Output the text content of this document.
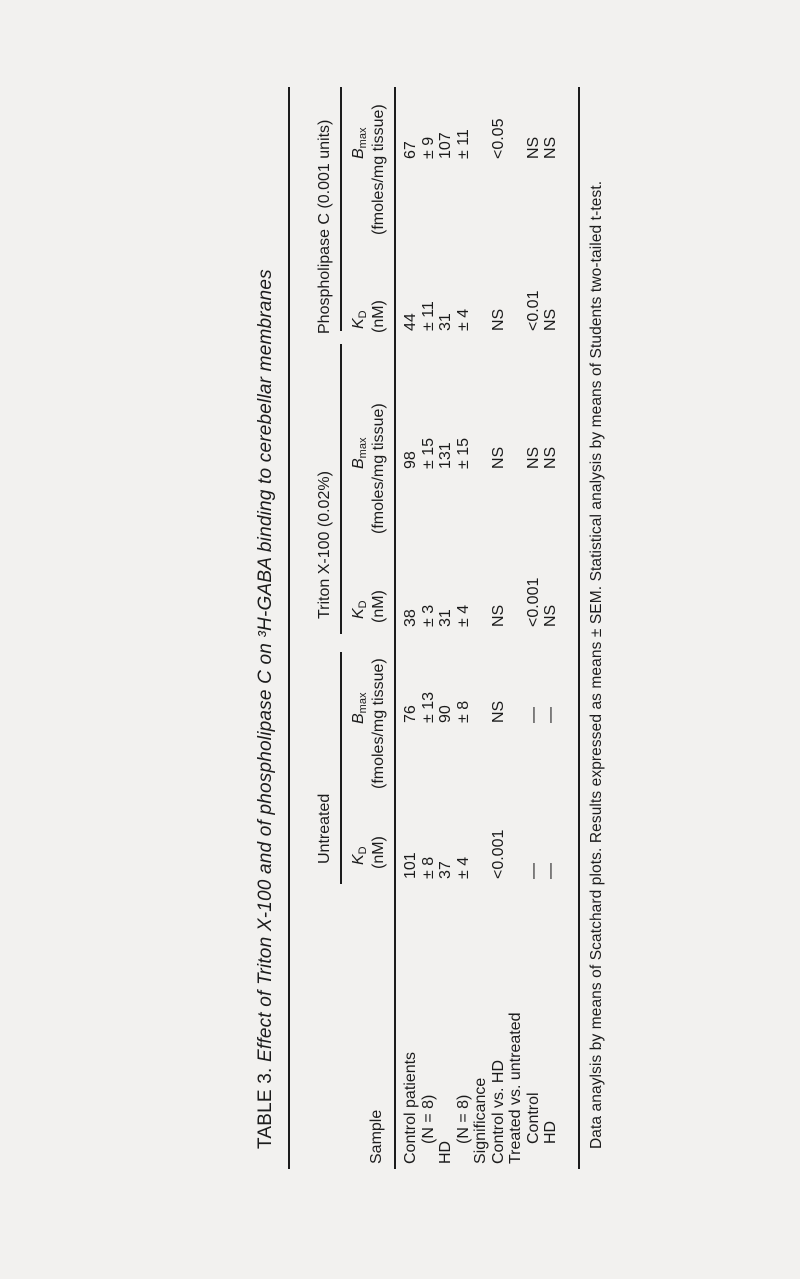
TABLE 3. Effect of Triton X-100 and of phospholipase C on ³H-GABA binding to cerebellar membranes
Sample
Untreated
Triton X-100 (0.02%)
Phospholipase C (0.001 units)
$K_D$ (nM)
$B_{max}$ (fmoles/mg tissue)
$K_D$ (nM)
$B_{max}$ (fmoles/mg tissue)
$K_D$ (nM)
$B_{max}$ (fmoles/mg tissue)
Control patients (N = 8)
HD
(N = 8) Significance Control vs. HD Treated vs. untreated Control HD
101 ± 8 37 ± 4
<0.001
— —
76 ± 13 90 ± 8
NS
— —
38 ± 3 31 ± 4
NS
<0.001 NS
98 ± 15 131 ± 15
NS
NS NS
44 ± 11 31 ± 4
NS
<0.01 NS
67 ± 9 107 ± 11
<0.05
NS NS
Data anaylsis by means of Scatchard plots. Results expressed as means ± SEM. Statistical analysis by means of Students two-tailed t-test.
